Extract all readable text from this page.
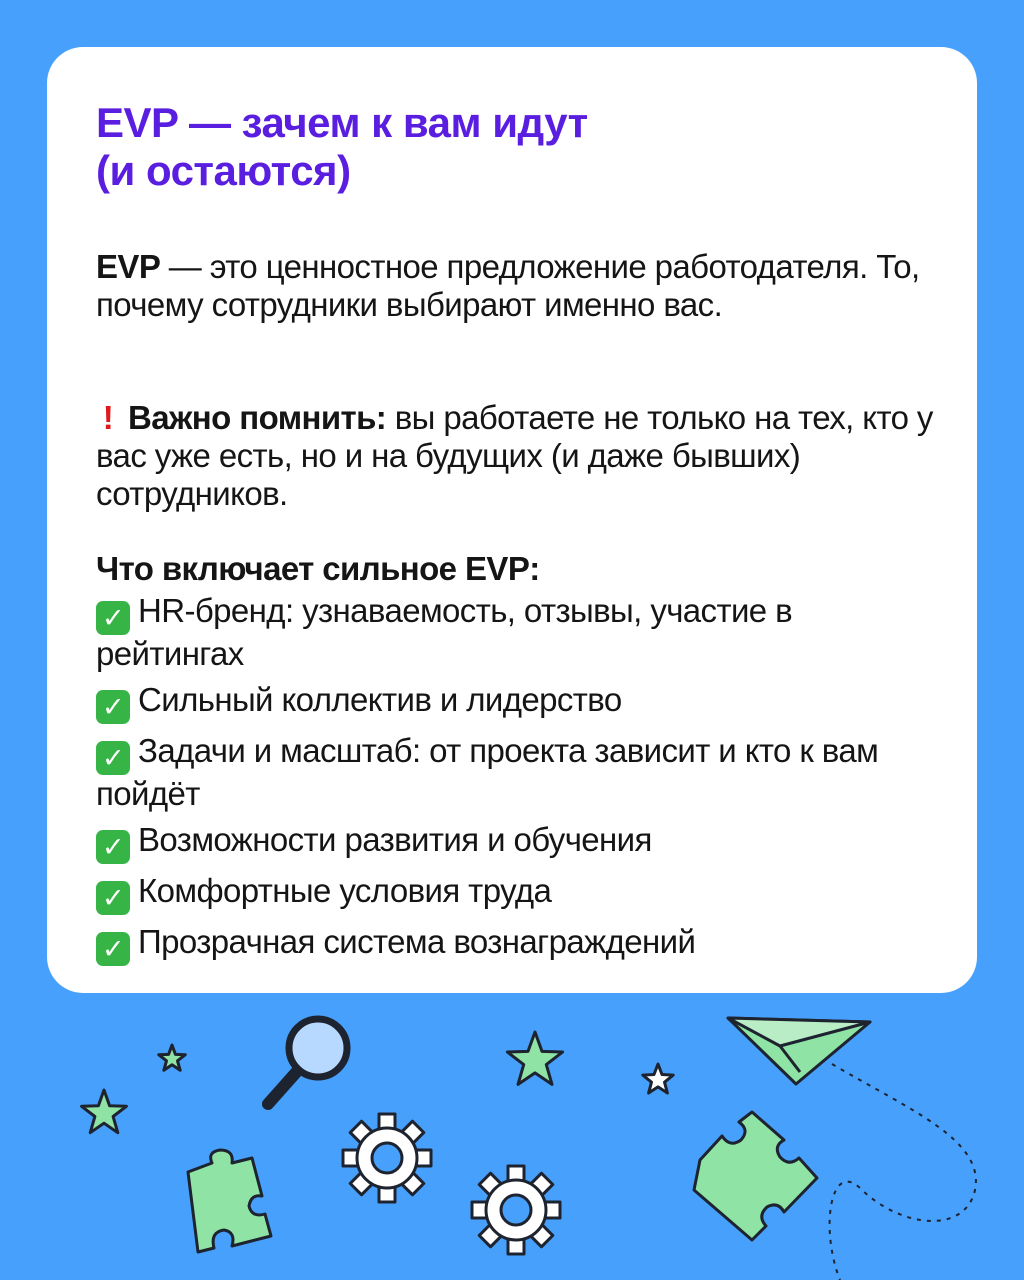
EVP — зачем к вам идут
(и остаются)

EVP — это ценностное предложение работодателя. То, почему сотрудники выбирают именно вас.

! Важно помнить: вы работаете не только на тех, кто у вас уже есть, но и на будущих (и даже бывших) сотрудников.

Что включает сильное EVP:

✓ HR-бренд: узнаваемость, отзывы, участие в рейтингах
✓ Сильный коллектив и лидерство
✓ Задачи и масштаб: от проекта зависит и кто к вам пойдёт
✓ Возможности развития и обучения
✓ Комфортные условия труда
✓ Прозрачная система вознаграждений
